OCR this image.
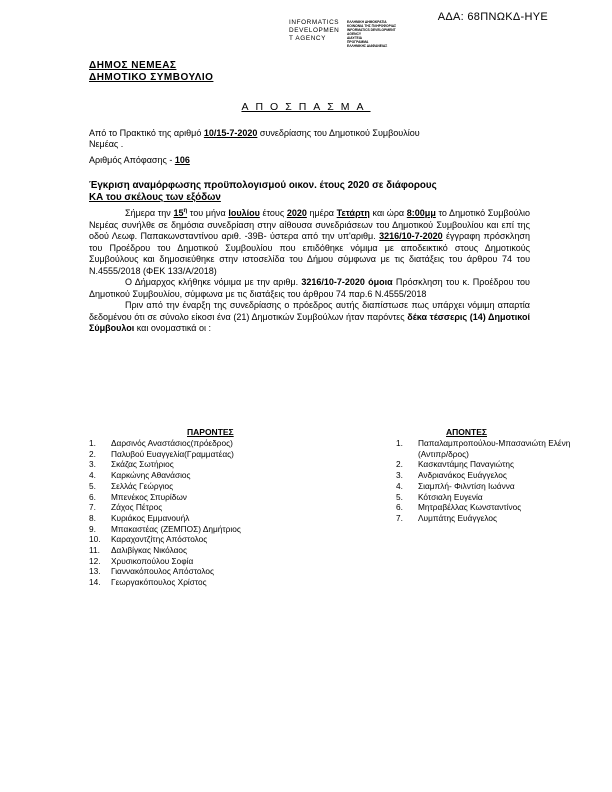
ΑΔΑ: 68ΠΝΩΚΔ-ΗΥΕ
INFORMATICS
DEVELOPMEN
T AGENCY
ΕΛΛΗΝΙΚΗ ΔΗΜΟΚΡΑΤΙΑ
ΚΟΙΝΩΝΙΑ ΤΗΣ ΠΛΗΡΟΦΟΡΙΑΣ
INFORMATICS DEVELOPMENT AGENCY
ΔΙΑΥΓΕΙΑ
ΠΡΟΓΡΑΜΜΑ
ΕΛΛΗΝΙΚΗΣ ΔΙΑΦΑΝΕΙΑΣ
ΔΗΜΟΣ ΝΕΜΕΑΣ
ΔΗΜΟΤΙΚΟ ΣΥΜΒΟΥΛΙΟ
ΑΠΟΣΠΑΣΜΑ
Από το Πρακτικό της αριθμό 10/15-7-2020 συνεδρίασης του Δημοτικού Συμβουλίου
Νεμέας .
Αριθμός Απόφασης - 106
Έγκριση αναμόρφωσης προϋπολογισμού οικον. έτους 2020 σε διάφορους
ΚΑ του σκέλους των εξόδων

Σήμερα την $15^\eta$ του μήνα Ιουλίου έτους 2020 ημέρα Τετάρτη και ώρα 8:00μμ το Δημοτικό Συμβούλιο Νεμέας συνήλθε σε δημόσια συνεδρίαση στην αίθουσα συνεδριάσεων του Δημοτικού Συμβουλίου και επί της οδού Λεωφ. Παπακωνσταντίνου αριθ. -39Β- ύστερα από την υπ'αριθμ. 3216/10-7-2020 έγγραφη πρόσκληση του Προέδρου του Δημοτικού Συμβουλίου που επιδόθηκε νόμιμα με αποδεικτικό στους Δημοτικούς Συμβούλους και δημοσιεύθηκε στην ιστοσελίδα του Δήμου σύμφωνα με τις διατάξεις του άρθρου 74 του Ν.4555/2018 (ΦΕΚ 133/Α/2018)

Ο Δήμαρχος κλήθηκε νόμιμα με την αριθμ. 3216/10-7-2020 όμοια Πρόσκληση του κ. Προέδρου του Δημοτικού Συμβουλίου, σύμφωνα με τις διατάξεις του άρθρου 74 παρ.6 Ν.4555/2018

Πριν από την έναρξη της συνεδρίασης ο πρόεδρος αυτής διαπίστωσε πως υπάρχει νόμιμη απαρτία δεδομένου ότι σε σύνολο είκοσι ένα (21) Δημοτικών Συμβούλων ήταν παρόντες δέκα τέσσερις (14) Δημοτικοί Σύμβουλοι και ονομαστικά οι :

ΠΑΡΟΝΤΕΣ	ΑΠΟΝΤΕΣ
1. Δαρσινός Αναστάσιος(πρόεδρος)
2. Παλυβού Ευαγγελία(Γραμματέας)
3. Σκάζας Σωτήριος
4. Καρκώνης Αθανάσιος
5. Σελλάς Γεώργιος
6. Μπενέκος Σπυρίδων
7. Ζάχος Πέτρος
8. Κυριάκος Εμμανουήλ
9. Μπακαστέας (ΖΕΜΠΟΣ) Δημήτριος
10. Καραχοντζίτης Απόστολος
11. Δαλιβίγκας Νικόλαος
12. Χρυσικοπούλου Σοφία
13. Γιαννακόπουλος Απόστολος
14. Γεωργακόπουλος Χρίστος
1. Παπαλαμπροπούλου-Μπασανιώτη Ελένη (Αντιπρ/δρος)
2. Κασκαντάμης Παναγιώτης
3. Ανδριανάκος Ευάγγελος
4. Σιαμπλή- Φιλντίση Ιωάννα
5. Κότσιαλη Ευγενία
6. Μητραβέλλας Κωνσταντίνος
7. Λυμπάτης Ευάγγελος
